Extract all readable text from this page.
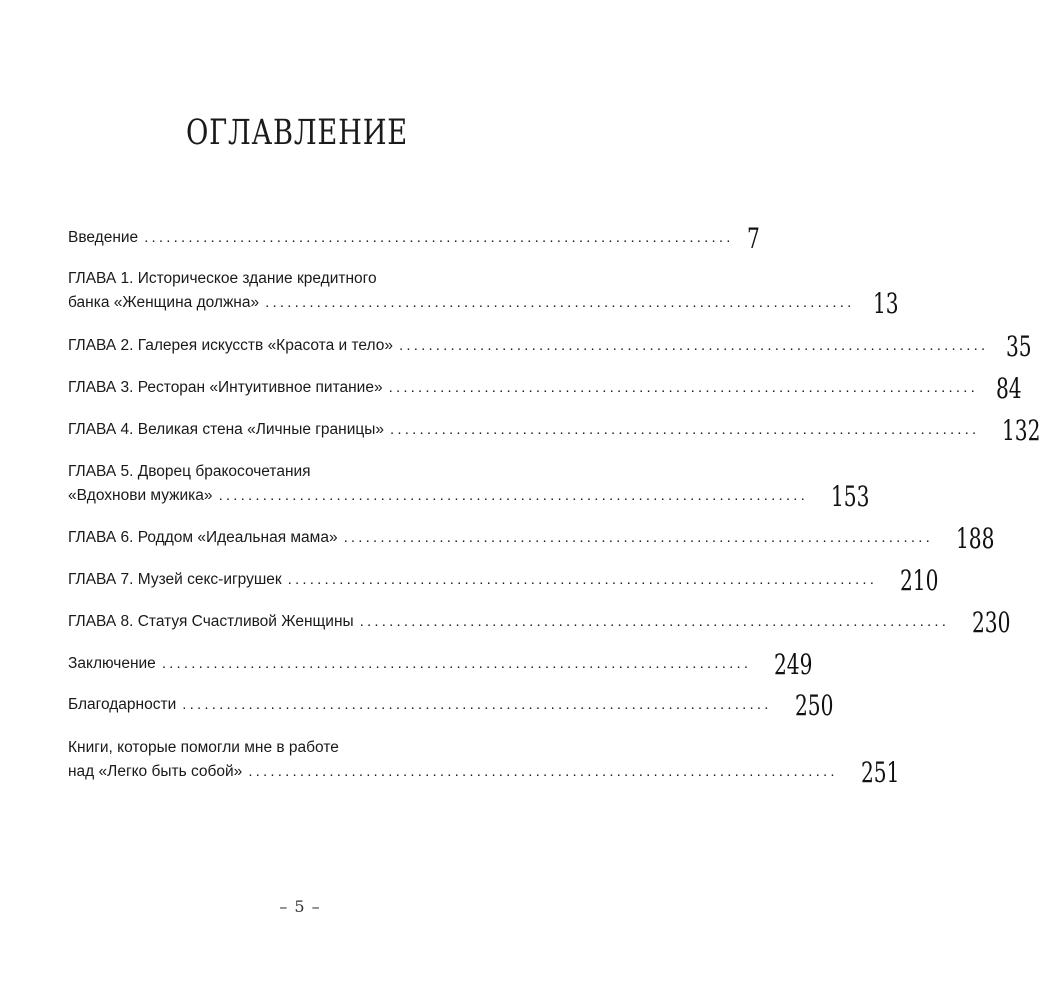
ОГЛАВЛЕНИЕ
Введение ................................................................................ 7
ГЛАВА 1. Историческое здание кредитного
банка «Женщина должна» ................................................................................ 13
ГЛАВА 2. Галерея искусств «Красота и тело» ................................................................................ 35
ГЛАВА 3. Ресторан «Интуитивное питание» ................................................................................ 84
ГЛАВА 4. Великая стена «Личные границы» ................................................................................ 132
ГЛАВА 5. Дворец бракосочетания
«Вдохнови мужика» ................................................................................ 153
ГЛАВА 6. Роддом «Идеальная мама» ................................................................................ 188
ГЛАВА 7. Музей секс-игрушек ................................................................................ 210
ГЛАВА 8. Статуя Счастливой Женщины ................................................................................ 230
Заключение ................................................................................ 249
Благодарности ................................................................................ 250
Книги, которые помогли мне в работе
над «Легко быть собой» ................................................................................ 251
– 5 –
